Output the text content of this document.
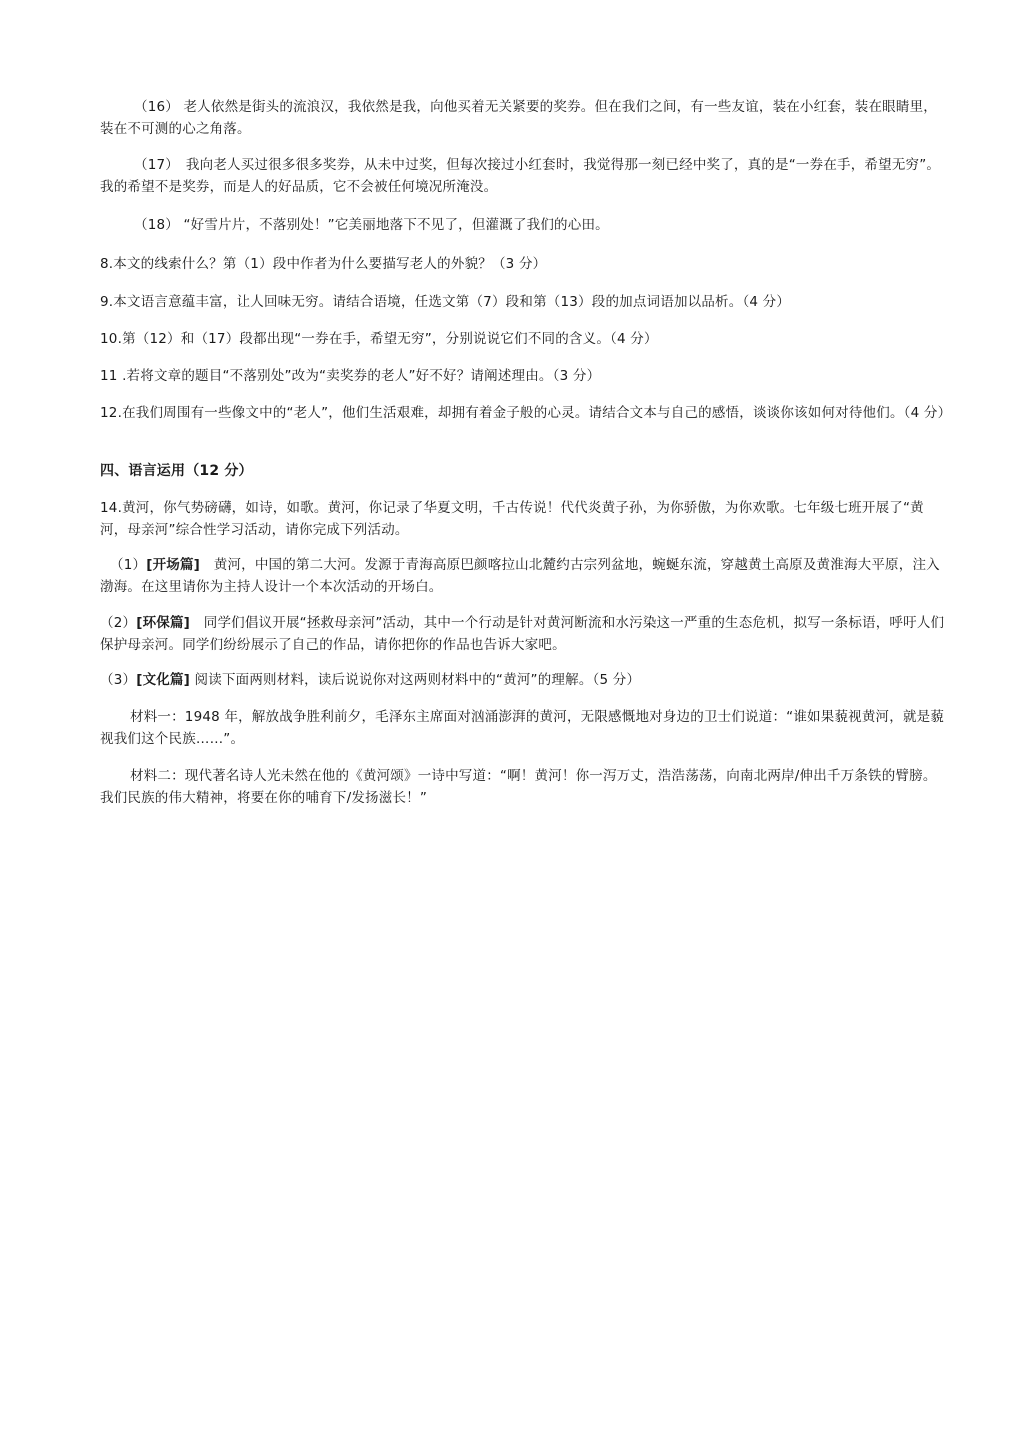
（16） 老人依然是街头的流浪汉，我依然是我，向他买着无关紧要的奖券。但在我们之间，有一些友谊，装在小红套，装在眼睛里，装在不可测的心之角落。

（17）　我向老人买过很多很多奖券，从未中过奖，但每次接过小红套时，我觉得那一刻已经中奖了，真的是“一券在手，希望无穷”。我的希望不是奖券，而是人的好品质，它不会被任何境况所淹没。

（18） “好雪片片，不落别处！”它美丽地落下不见了，但灌溉了我们的心田。

8.本文的线索什么？第（1）段中作者为什么要描写老人的外貌？（3 分）

9.本文语言意蕴丰富，让人回味无穷。请结合语境，任选文第（7）段和第（13）段的加点词语加以品析。（4 分）

10.第（12）和（17）段都出现“一券在手，希望无穷”，分别说说它们不同的含义。（4 分）

11 .若将文章的题目“不落别处”改为“卖奖券的老人”好不好？请阐述理由。（3 分）

12.在我们周围有一些像文中的“老人”，他们生活艰难，却拥有着金子般的心灵。请结合文本与自己的感悟，谈谈你该如何对待他们。（4 分）

四、语言运用（12 分）

14.黄河，你气势磅礴，如诗，如歌。黄河，你记录了华夏文明，千古传说！代代炎黄子孙，为你骄傲，为你欢歌。七年级七班开展了“黄河，母亲河”综合性学习活动，请你完成下列活动。

（1）[开场篇]　黄河，中国的第二大河。发源于青海高原巴颜喀拉山北麓约古宗列盆地，蜿蜒东流，穿越黄土高原及黄淮海大平原，注入渤海。在这里请你为主持人设计一个本次活动的开场白。

（2）[环保篇]　同学们倡议开展“拯救母亲河”活动，其中一个行动是针对黄河断流和水污染这一严重的生态危机，拟写一条标语，呼吁人们保护母亲河。同学们纷纷展示了自己的作品，请你把你的作品也告诉大家吧。

（3）[文化篇] 阅读下面两则材料，读后说说你对这两则材料中的“黄河”的理解。（5 分）

材料一：1948 年，解放战争胜利前夕，毛泽东主席面对汹涌澎湃的黄河，无限感慨地对身边的卫士们说道：“谁如果藐视黄河，就是藐视我们这个民族……”。

材料二：现代著名诗人光未然在他的《黄河颂》一诗中写道：“啊！黄河！你一泻万丈，浩浩荡荡，向南北两岸/伸出千万条铁的臂膀。我们民族的伟大精神，将要在你的哺育下/发扬滋长！”
